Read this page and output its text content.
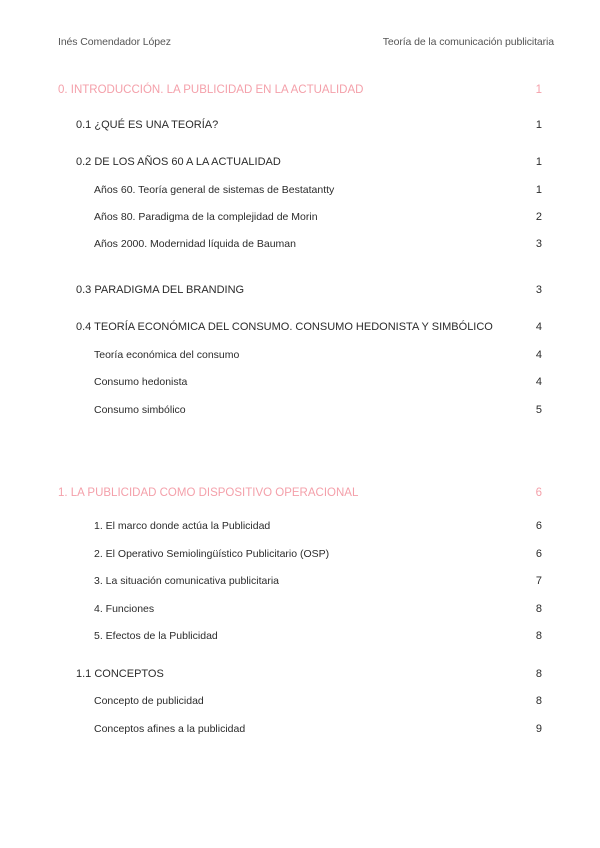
Inés Comendador López	Teoría de la comunicación publicitaria
0. INTRODUCCIÓN. LA PUBLICIDAD EN LA ACTUALIDAD	1
0.1 ¿QUÉ ES UNA TEORÍA?	1
0.2 DE LOS AÑOS 60 A LA ACTUALIDAD	1
Años 60. Teoría general de sistemas de Bestatantty	1
Años 80. Paradigma de la complejidad de Morin	2
Años 2000. Modernidad líquida de Bauman	3
0.3 PARADIGMA DEL BRANDING	3
0.4 TEORÍA ECONÓMICA DEL CONSUMO. CONSUMO HEDONISTA Y SIMBÓLICO	4
Teoría económica del consumo	4
Consumo hedonista	4
Consumo simbólico	5
1. LA PUBLICIDAD COMO DISPOSITIVO OPERACIONAL	6
1. El marco donde actúa la Publicidad	6
2. El Operativo Semiolingüístico Publicitario (OSP)	6
3. La situación comunicativa publicitaria	7
4. Funciones	8
5. Efectos de la Publicidad	8
1.1 CONCEPTOS	8
Concepto de publicidad	8
Conceptos afines a la publicidad	9
